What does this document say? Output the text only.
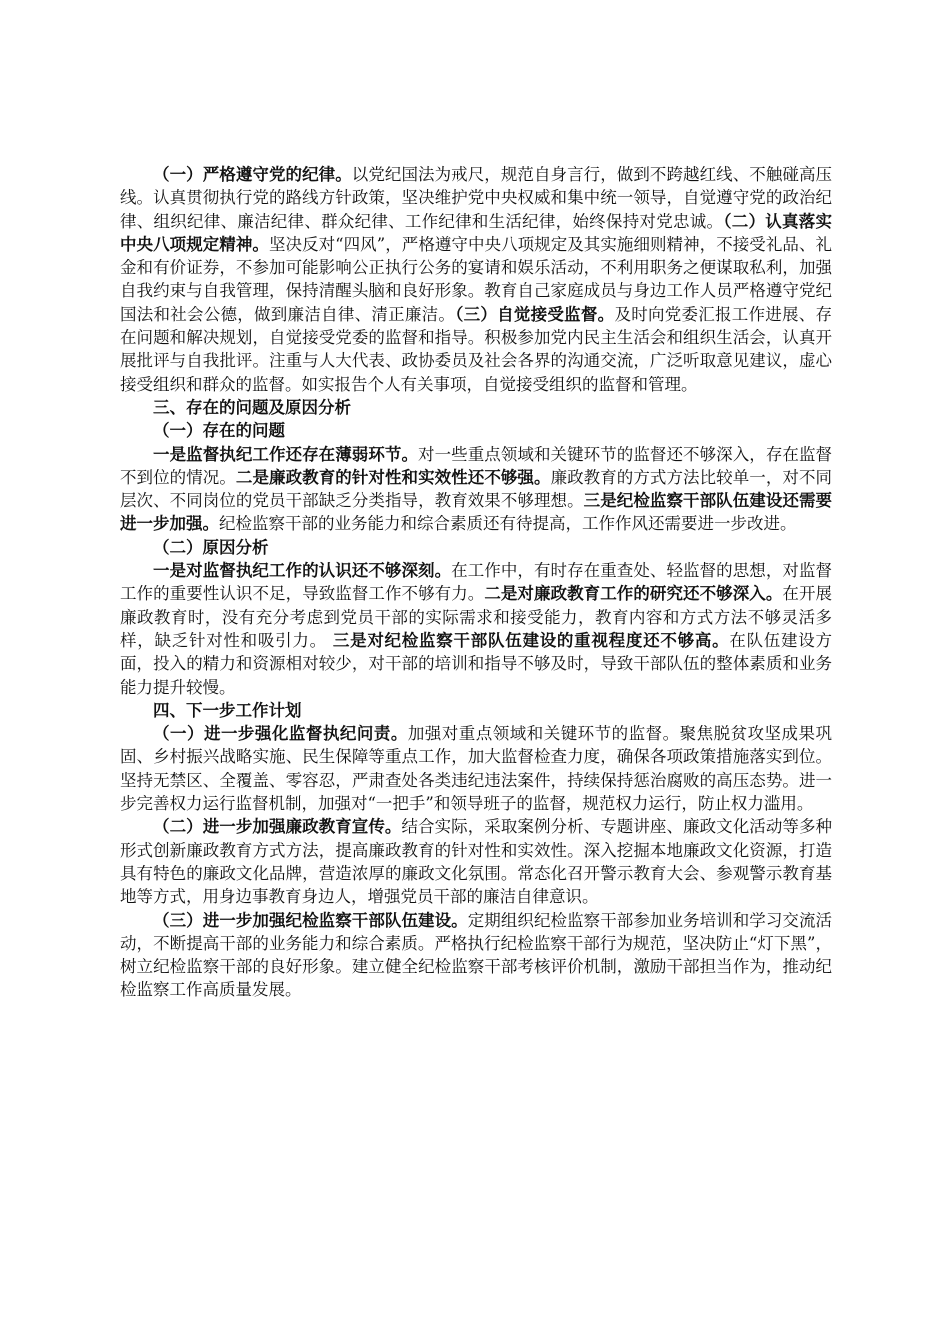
（一）严格遵守党的纪律。以党纪国法为戒尺，规范自身言行，做到不跨越红线、不触碰高压线。认真贯彻执行党的路线方针政策，坚决维护党中央权威和集中统一领导，自觉遵守党的政治纪律、组织纪律、廉洁纪律、群众纪律、工作纪律和生活纪律，始终保持对党忠诚。（二）认真落实中央八项规定精神。坚决反对“四风”，严格遵守中央八项规定及其实施细则精神，不接受礼品、礼金和有价证券，不参加可能影响公正执行公务的宴请和娱乐活动，不利用职务之便谋取私利，加强自我约束与自我管理，保持清醒头脑和良好形象。教育自己家庭成员与身边工作人员严格遵守党纪国法和社会公德，做到廉洁自律、清正廉洁。（三）自觉接受监督。及时向党委汇报工作进展、存在问题和解决规划，自觉接受党委的监督和指导。积极参加党内民主生活会和组织生活会，认真开展批评与自我批评。注重与人大代表、政协委员及社会各界的沟通交流，广泛听取意见建议，虚心接受组织和群众的监督。如实报告个人有关事项，自觉接受组织的监督和管理。

三、存在的问题及原因分析

（一）存在的问题

一是监督执纪工作还存在薄弱环节。对一些重点领域和关键环节的监督还不够深入，存在监督不到位的情况。二是廉政教育的针对性和实效性还不够强。廉政教育的方式方法比较单一，对不同层次、不同岗位的党员干部缺乏分类指导，教育效果不够理想。三是纪检监察干部队伍建设还需要进一步加强。纪检监察干部的业务能力和综合素质还有待提高，工作作风还需要进一步改进。

（二）原因分析

一是对监督执纪工作的认识还不够深刻。在工作中，有时存在重查处、轻监督的思想，对监督工作的重要性认识不足，导致监督工作不够有力。二是对廉政教育工作的研究还不够深入。在开展廉政教育时，没有充分考虑到党员干部的实际需求和接受能力，教育内容和方式方法不够灵活多样，缺乏针对性和吸引力。 三是对纪检监察干部队伍建设的重视程度还不够高。在队伍建设方面，投入的精力和资源相对较少，对干部的培训和指导不够及时，导致干部队伍的整体素质和业务能力提升较慢。

四、下一步工作计划

（一）进一步强化监督执纪问责。加强对重点领域和关键环节的监督。聚焦脱贫攻坚成果巩固、乡村振兴战略实施、民生保障等重点工作，加大监督检查力度，确保各项政策措施落实到位。坚持无禁区、全覆盖、零容忍，严肃查处各类违纪违法案件，持续保持惩治腐败的高压态势。进一步完善权力运行监督机制，加强对“一把手”和领导班子的监督，规范权力运行，防止权力滥用。

（二）进一步加强廉政教育宣传。结合实际，采取案例分析、专题讲座、廉政文化活动等多种形式创新廉政教育方式方法，提高廉政教育的针对性和实效性。深入挖掘本地廉政文化资源，打造具有特色的廉政文化品牌，营造浓厚的廉政文化氛围。常态化召开警示教育大会、参观警示教育基地等方式，用身边事教育身边人，增强党员干部的廉洁自律意识。

（三）进一步加强纪检监察干部队伍建设。定期组织纪检监察干部参加业务培训和学习交流活动，不断提高干部的业务能力和综合素质。严格执行纪检监察干部行为规范，坚决防止“灯下黑”，树立纪检监察干部的良好形象。建立健全纪检监察干部考核评价机制，激励干部担当作为，推动纪检监察工作高质量发展。
